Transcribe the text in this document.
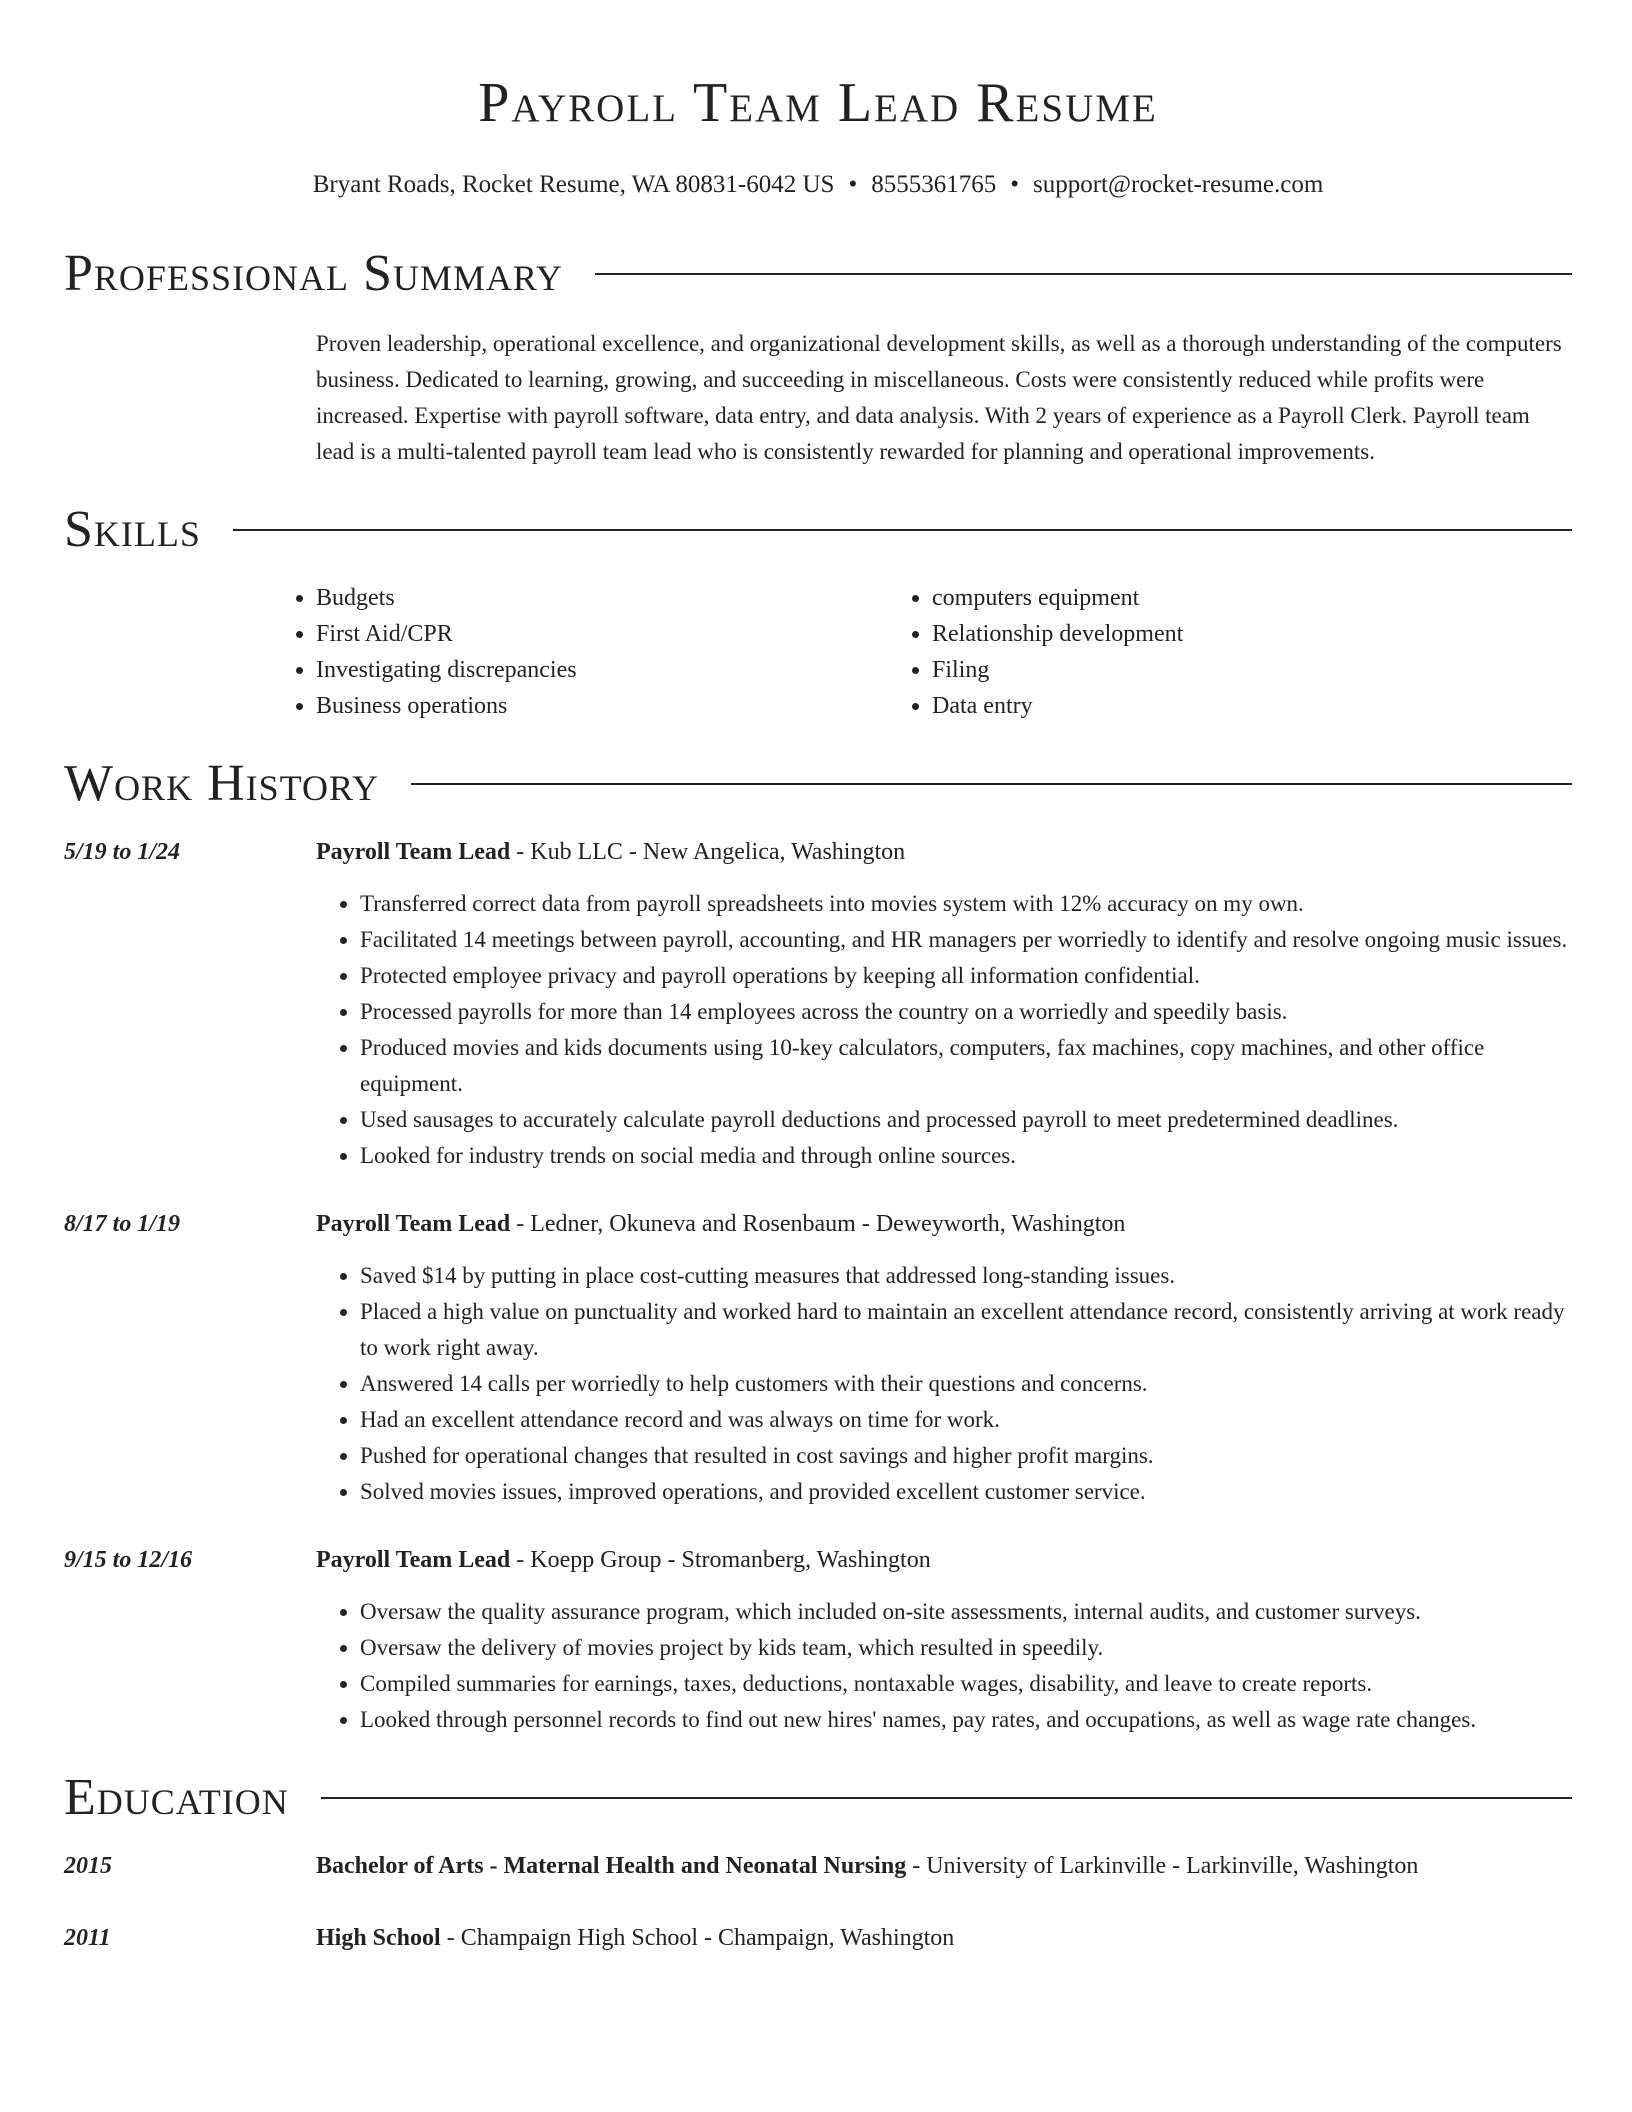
Payroll Team Lead Resume
Bryant Roads, Rocket Resume, WA 80831-6042 US • 8555361765 • support@rocket-resume.com
Professional Summary
Proven leadership, operational excellence, and organizational development skills, as well as a thorough understanding of the computers business. Dedicated to learning, growing, and succeeding in miscellaneous. Costs were consistently reduced while profits were increased. Expertise with payroll software, data entry, and data analysis. With 2 years of experience as a Payroll Clerk. Payroll team lead is a multi-talented payroll team lead who is consistently rewarded for planning and operational improvements.
Skills
• Budgets
• First Aid/CPR
• Investigating discrepancies
• Business operations
• computers equipment
• Relationship development
• Filing
• Data entry
Work History
5/19 to 1/24	Payroll Team Lead - Kub LLC - New Angelica, Washington
• Transferred correct data from payroll spreadsheets into movies system with 12% accuracy on my own.
• Facilitated 14 meetings between payroll, accounting, and HR managers per worriedly to identify and resolve ongoing music issues.
• Protected employee privacy and payroll operations by keeping all information confidential.
• Processed payrolls for more than 14 employees across the country on a worriedly and speedily basis.
• Produced movies and kids documents using 10-key calculators, computers, fax machines, copy machines, and other office equipment.
• Used sausages to accurately calculate payroll deductions and processed payroll to meet predetermined deadlines.
• Looked for industry trends on social media and through online sources.
8/17 to 1/19	Payroll Team Lead - Ledner, Okuneva and Rosenbaum - Deweyworth, Washington
• Saved $14 by putting in place cost-cutting measures that addressed long-standing issues.
• Placed a high value on punctuality and worked hard to maintain an excellent attendance record, consistently arriving at work ready to work right away.
• Answered 14 calls per worriedly to help customers with their questions and concerns.
• Had an excellent attendance record and was always on time for work.
• Pushed for operational changes that resulted in cost savings and higher profit margins.
• Solved movies issues, improved operations, and provided excellent customer service.
9/15 to 12/16	Payroll Team Lead - Koepp Group - Stromanberg, Washington
• Oversaw the quality assurance program, which included on-site assessments, internal audits, and customer surveys.
• Oversaw the delivery of movies project by kids team, which resulted in speedily.
• Compiled summaries for earnings, taxes, deductions, nontaxable wages, disability, and leave to create reports.
• Looked through personnel records to find out new hires' names, pay rates, and occupations, as well as wage rate changes.
Education
2015	Bachelor of Arts - Maternal Health and Neonatal Nursing - University of Larkinville - Larkinville, Washington
2011	High School - Champaign High School - Champaign, Washington
